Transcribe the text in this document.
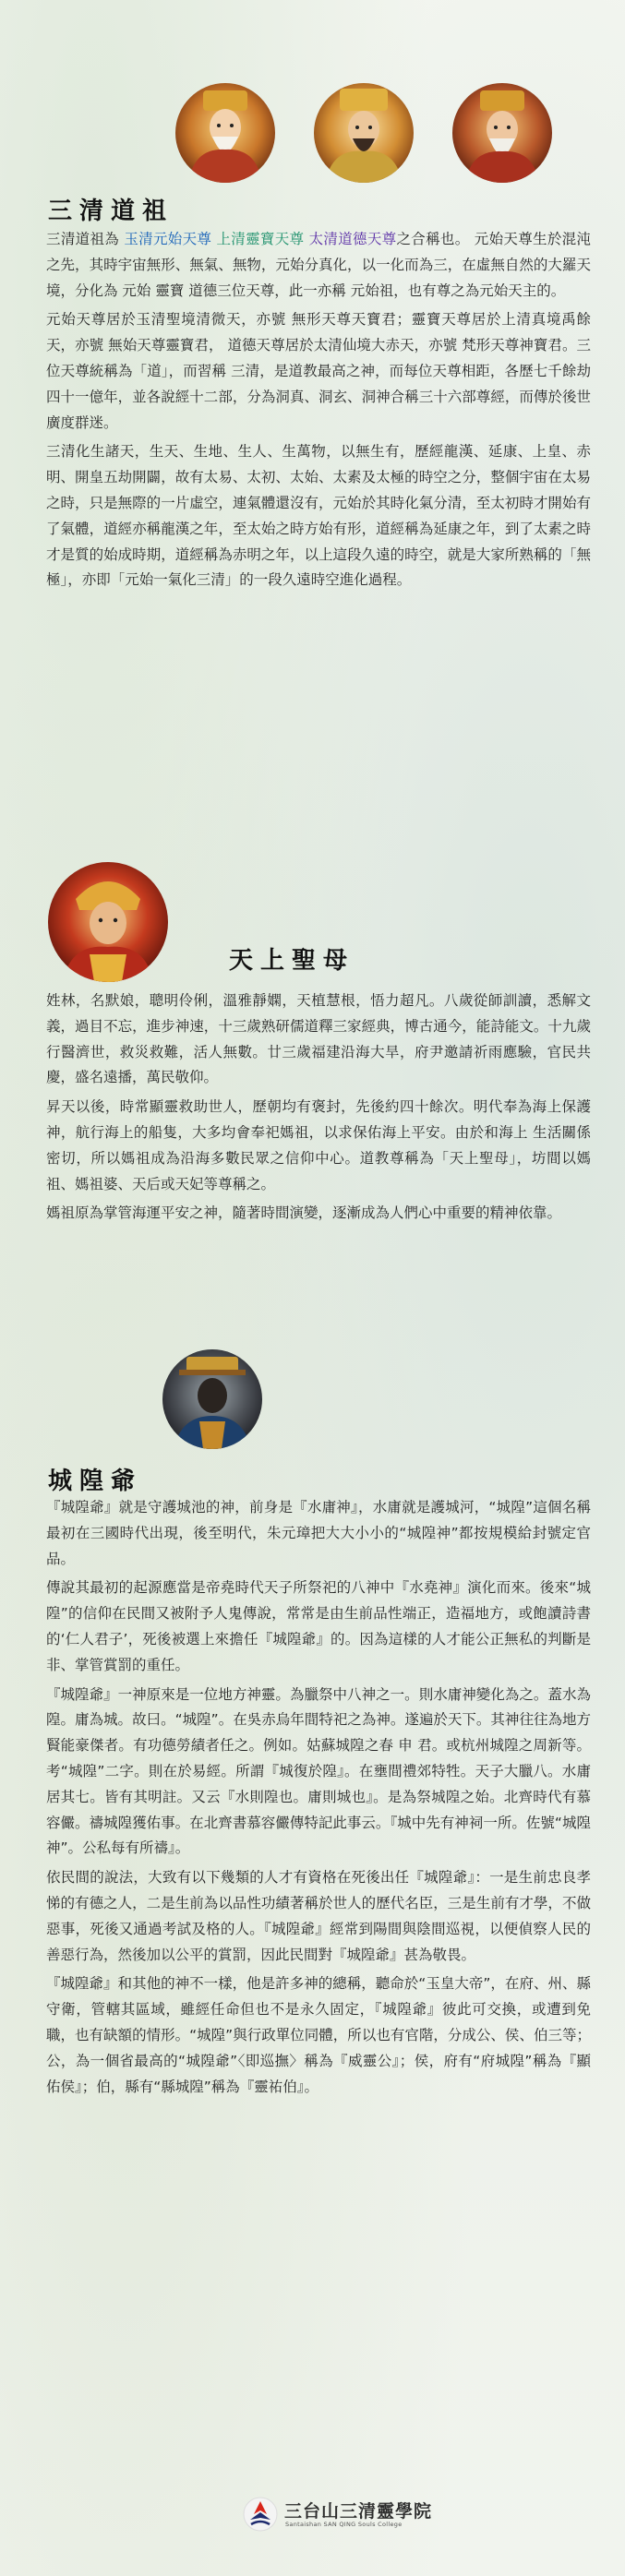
三清道祖

三清道祖為 玉清元始天尊 上清靈寶天尊 太清道德天尊之合稱也。 元始天尊生於混沌之先，其時宇宙無形、無氣、無物，元始分真化，以一化而為三，在虛無自然的大羅天境，分化為 元始 靈寶 道德三位天尊，此一亦稱 元始祖，也有尊之為元始天主的。

元始天尊居於玉清聖境清微天，亦號 無形天尊天寶君；靈寶天尊居於上清真境禹餘天，亦號 無始天尊靈寶君， 道德天尊居於太清仙境大赤天，亦號 梵形天尊神寶君。三位天尊統稱為「道」，而習稱 三清，是道教最高之神，而每位天尊相距，各歷七千餘劫四十一億年，並各說經十二部，分為洞真、洞玄、洞神合稱三十六部尊經，而傳於後世廣度群迷。

三清化生諸天，生天、生地、生人、生萬物，以無生有，歷經龍漢、延康、上皇、赤明、開皇五劫開闢，故有太易、太初、太始、太素及太極的時空之分，整個宇宙在太易之時，只是無際的一片虛空，連氣體還沒有，元始於其時化氣分清，至太初時才開始有了氣體，道經亦稱龍漢之年，至太始之時方始有形，道經稱為延康之年，到了太素之時才是質的始成時期，道經稱為赤明之年，以上這段久遠的時空，就是大家所熟稱的「無極」，亦即「元始一氣化三清」的一段久遠時空進化過程。

天上聖母

姓林，名默娘，聰明伶俐，溫雅靜嫻，天植慧根，悟力超凡。八歲從師訓讀，悉解文義，過目不忘，進步神速，十三歲熟研儒道釋三家經典，博古通今，能詩能文。十九歲行醫濟世，救災救難，活人無數。廿三歲福建沿海大旱，府尹邀請祈雨應驗，官民共慶，盛名遠播，萬民敬仰。

昇天以後，時常顯靈救助世人，歷朝均有褒封，先後約四十餘次。明代奉為海上保護神，航行海上的船隻，大多均會奉祀媽祖，以求保佑海上平安。由於和海上 生活關係密切，所以媽祖成為沿海多數民眾之信仰中心。道教尊稱為「天上聖母」，坊間以媽祖、媽祖婆、天后或天妃等尊稱之。

媽祖原為掌管海運平安之神，隨著時間演變，逐漸成為人們心中重要的精神依靠。

城隍爺

『城隍爺』就是守護城池的神，前身是『水庸神』，水庸就是護城河，“城隍”這個名稱最初在三國時代出現，後至明代，朱元璋把大大小小的“城隍神”都按規模給封號定官品。

傳說其最初的起源應當是帝堯時代天子所祭祀的八神中『水堯神』演化而來。後來“城隍”的信仰在民間又被附予人鬼傳說，常常是由生前品性端正，造福地方，或飽讀詩書的‘仁人君子’，死後被選上來擔任『城隍爺』的。因為這樣的人才能公正無私的判斷是非、掌管賞罰的重任。

『城隍爺』一神原來是一位地方神靈。為臘祭中八神之一。則水庸神變化為之。蓋水為隍。庸為城。故曰。“城隍”。在吳赤烏年間特祀之為神。遂遍於天下。其神往往為地方賢能豪傑者。有功德勞績者任之。例如。姑蘇城隍之春 申 君。或杭州城隍之周新等。考“城隍”二字。則在於易經。所謂『城復於隍』。在壅間禮郊特牲。天子大臘八。水庸居其七。皆有其明註。又云『水則隍也。庸則城也』。是為祭城隍之始。北齊時代有慕容儼。禱城隍獲佑事。在北齊書慕容儼傳特記此事云。『城中先有神祠一所。佐號“城隍神”。公私每有所禱』。

依民間的說法，大致有以下幾類的人才有資格在死後出任『城隍爺』：一是生前忠良孝悌的有德之人，二是生前為以品性功績著稱於世人的歷代名臣，三是生前有才學，不做惡事，死後又通過考試及格的人。『城隍爺』經常到陽間與陰間巡視，以便偵察人民的善惡行為，然後加以公平的賞罰，因此民間對『城隍爺』甚為敬畏。

『城隍爺』和其他的神不一樣，他是許多神的總稱，聽命於“玉皇大帝”，在府、州、縣守衛，管轄其區域，雖經任命但也不是永久固定，『城隍爺』彼此可交換，或遭到免職，也有缺額的情形。“城隍”與行政單位同體，所以也有官階，分成公、侯、伯三等；公，為一個省最高的“城隍爺”〈即巡撫〉稱為『威靈公』；侯，府有“府城隍”稱為『顯佑侯』；伯，縣有“縣城隍”稱為『靈祐伯』。

三台山三清靈學院
Santaishan SAN QING Souls College
